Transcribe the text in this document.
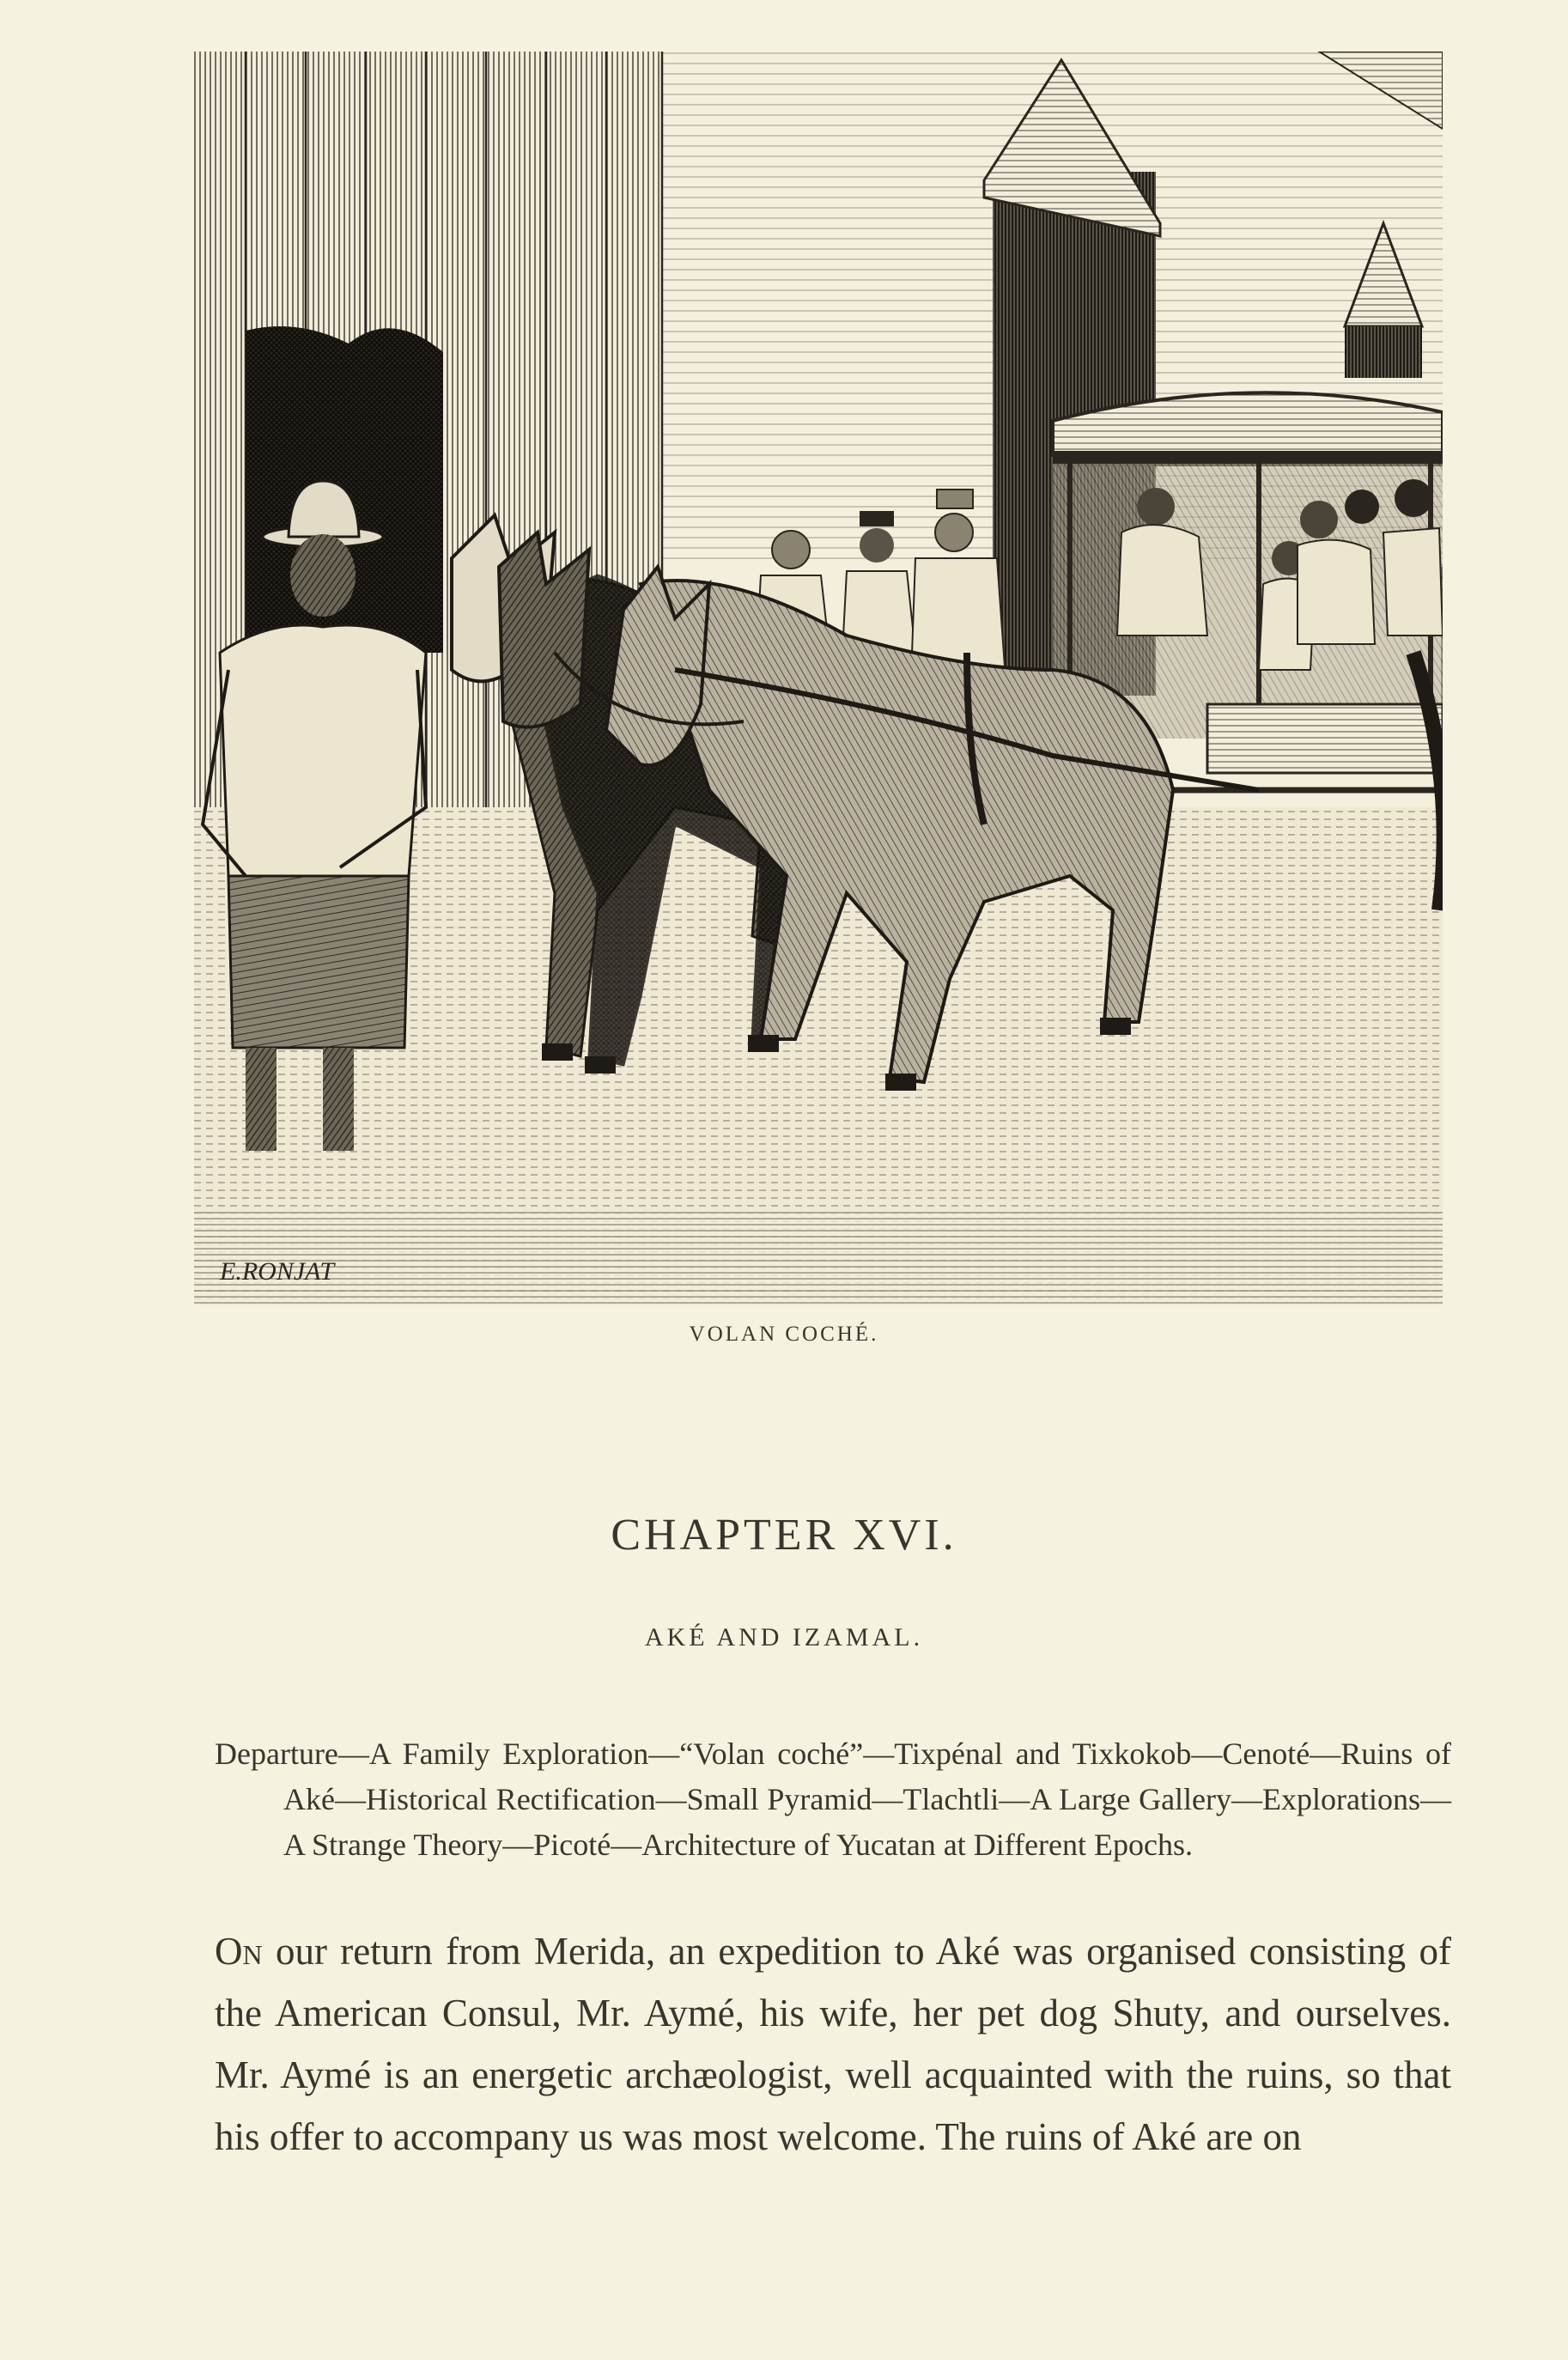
E.RONJAT
VOLAN COCHÉ.
CHAPTER XVI.
AKÉ AND IZAMAL.

Departure—A Family Exploration—“Volan coché”—Tixpénal and Tixkokob—Cenoté—Ruins of Aké—Historical Rectification—Small Pyramid—Tlachtli—A Large Gallery—Explorations—A Strange Theory—Picoté—Architecture of Yucatan at Different Epochs.

On our return from Merida, an expedition to Aké was organised consisting of the American Consul, Mr. Aymé, his wife, her pet dog Shuty, and ourselves. Mr. Aymé is an energetic archæologist, well acquainted with the ruins, so that his offer to accompany us was most welcome. The ruins of Aké are on
